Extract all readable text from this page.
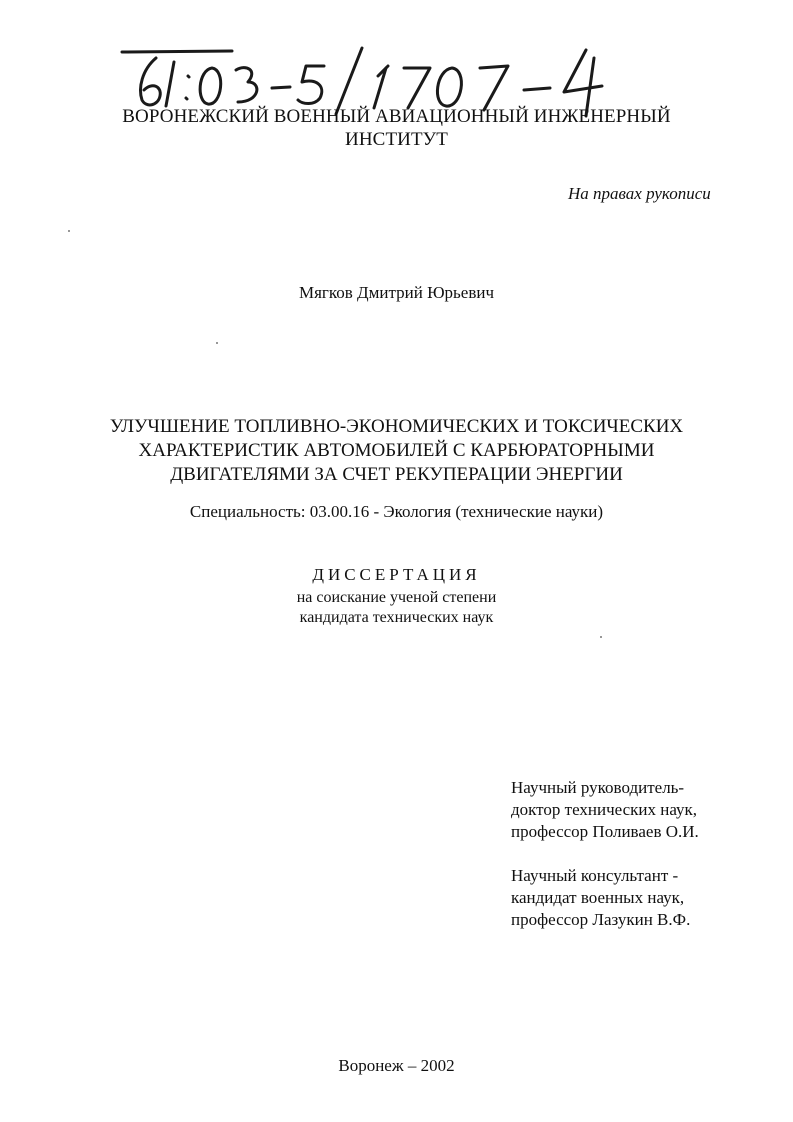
ВОРОНЕЖСКИЙ ВОЕННЫЙ АВИАЦИОННЫЙ ИНЖЕНЕРНЫЙ
ИНСТИТУТ
На правах рукописи
Мягков Дмитрий Юрьевич
УЛУЧШЕНИЕ ТОПЛИВНО-ЭКОНОМИЧЕСКИХ И ТОКСИЧЕСКИХ
ХАРАКТЕРИСТИК АВТОМОБИЛЕЙ С КАРБЮРАТОРНЫМИ
ДВИГАТЕЛЯМИ ЗА СЧЕТ РЕКУПЕРАЦИИ ЭНЕРГИИ
Специальность: 03.00.16 - Экология (технические науки)
ДИССЕРТАЦИЯ
на соискание ученой степени
кандидата технических наук
Научный руководитель-
доктор технических наук,
профессор Поливаев О.И.
Научный консультант -
кандидат военных наук,
профессор Лазукин В.Ф.
Воронеж – 2002
